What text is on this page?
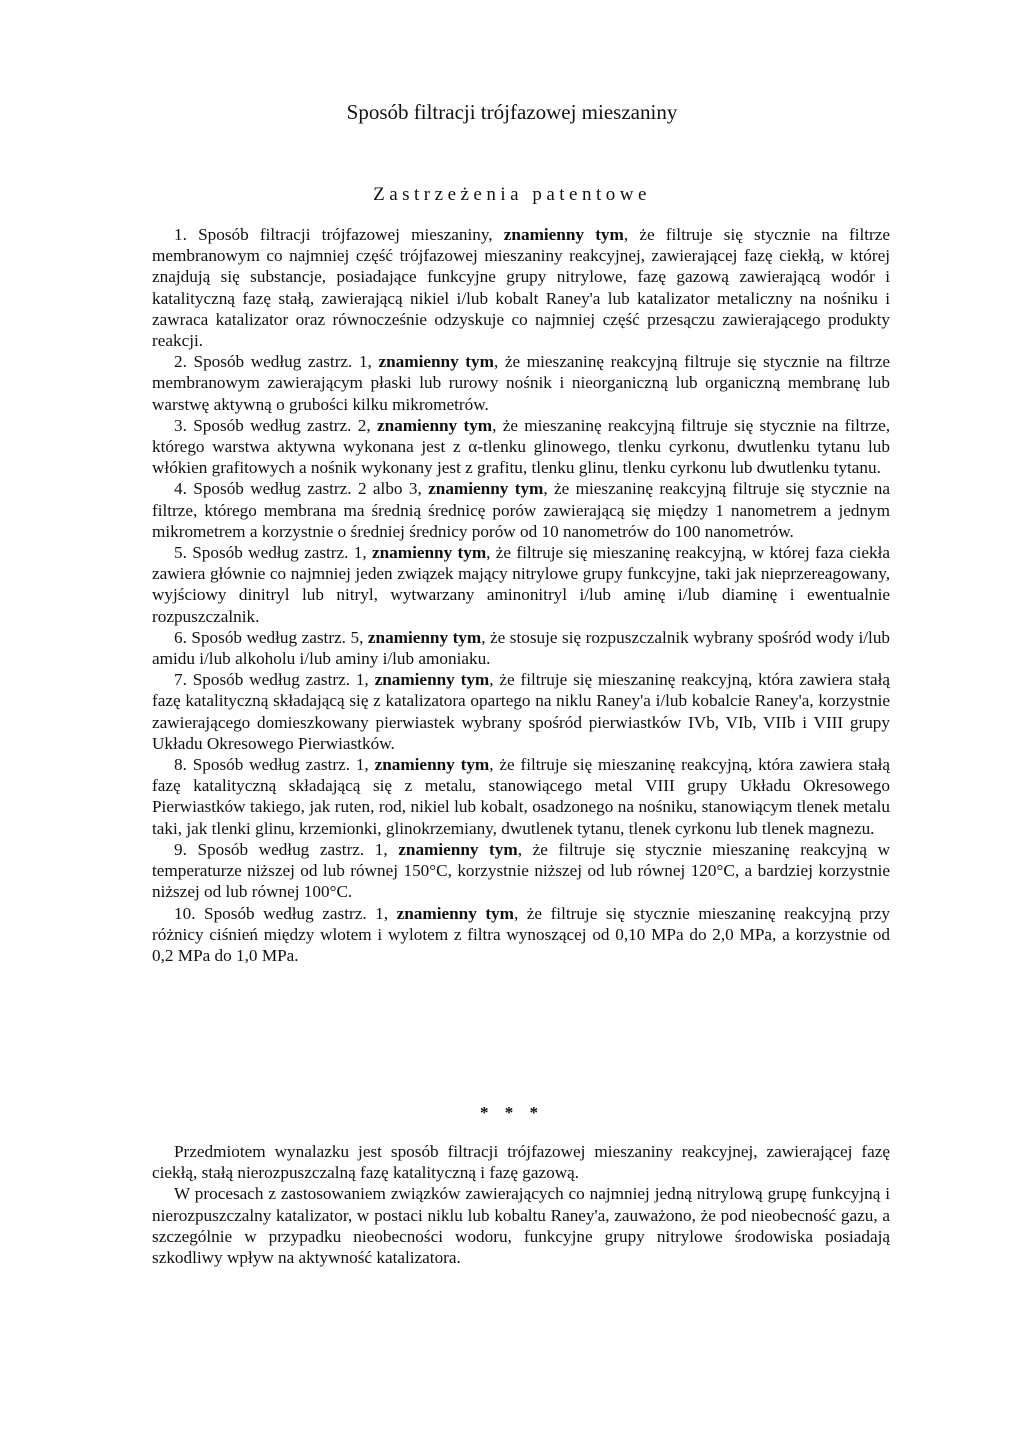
Sposób filtracji trójfazowej mieszaniny
Zastrzeżenia patentowe

1. Sposób filtracji trójfazowej mieszaniny, znamienny tym, że filtruje się stycznie na filtrze membranowym co najmniej część trójfazowej mieszaniny reakcyjnej, zawierającej fazę ciekłą, w której znajdują się substancje, posiadające funkcyjne grupy nitrylowe, fazę gazową zawierającą wodór i katalityczną fazę stałą, zawierającą nikiel i/lub kobalt Raney'a lub katalizator metaliczny na nośniku i zawraca katalizator oraz równocześnie odzyskuje co najmniej część przesączu zawierającego produkty reakcji.

2. Sposób według zastrz. 1, znamienny tym, że mieszaninę reakcyjną filtruje się stycznie na filtrze membranowym zawierającym płaski lub rurowy nośnik i nieorganiczną lub organiczną membranę lub warstwę aktywną o grubości kilku mikrometrów.

3. Sposób według zastrz. 2, znamienny tym, że mieszaninę reakcyjną filtruje się stycznie na filtrze, którego warstwa aktywna wykonana jest z α-tlenku glinowego, tlenku cyrkonu, dwutlenku tytanu lub włókien grafitowych a nośnik wykonany jest z grafitu, tlenku glinu, tlenku cyrkonu lub dwutlenku tytanu.

4. Sposób według zastrz. 2 albo 3, znamienny tym, że mieszaninę reakcyjną filtruje się stycznie na filtrze, którego membrana ma średnią średnicę porów zawierającą się między 1 nanometrem a jednym mikrometrem a korzystnie o średniej średnicy porów od 10 nanometrów do 100 nanometrów.

5. Sposób według zastrz. 1, znamienny tym, że filtruje się mieszaninę reakcyjną, w której faza ciekła zawiera głównie co najmniej jeden związek mający nitrylowe grupy funkcyjne, taki jak nieprzereagowany, wyjściowy dinitryl lub nitryl, wytwarzany aminonitryl i/lub aminę i/lub diaminę i ewentualnie rozpuszczalnik.

6. Sposób według zastrz. 5, znamienny tym, że stosuje się rozpuszczalnik wybrany spośród wody i/lub amidu i/lub alkoholu i/lub aminy i/lub amoniaku.

7. Sposób według zastrz. 1, znamienny tym, że filtruje się mieszaninę reakcyjną, która zawiera stałą fazę katalityczną składającą się z katalizatora opartego na niklu Raney'a i/lub kobalcie Raney'a, korzystnie zawierającego domieszkowany pierwiastek wybrany spośród pierwiastków IVb, VIb, VIIb i VIII grupy Układu Okresowego Pierwiastków.

8. Sposób według zastrz. 1, znamienny tym, że filtruje się mieszaninę reakcyjną, która zawiera stałą fazę katalityczną składającą się z metalu, stanowiącego metal VIII grupy Układu Okresowego Pierwiastków takiego, jak ruten, rod, nikiel lub kobalt, osadzonego na nośniku, stanowiącym tlenek metalu taki, jak tlenki glinu, krzemionki, glinokrzemiany, dwutlenek tytanu, tlenek cyrkonu lub tlenek magnezu.

9. Sposób według zastrz. 1, znamienny tym, że filtruje się stycznie mieszaninę reakcyjną w temperaturze niższej od lub równej 150°C, korzystnie niższej od lub równej 120°C, a bardziej korzystnie niższej od lub równej 100°C.

10. Sposób według zastrz. 1, znamienny tym, że filtruje się stycznie mieszaninę reakcyjną przy różnicy ciśnień między wlotem i wylotem z filtra wynoszącej od 0,10 MPa do 2,0 MPa, a korzystnie od 0,2 MPa do 1,0 MPa.

* * *

Przedmiotem wynalazku jest sposób filtracji trójfazowej mieszaniny reakcyjnej, zawierającej fazę ciekłą, stałą nierozpuszczalną fazę katalityczną i fazę gazową.

W procesach z zastosowaniem związków zawierających co najmniej jedną nitrylową grupę funkcyjną i nierozpuszczalny katalizator, w postaci niklu lub kobaltu Raney'a, zauważono, że pod nieobecność gazu, a szczególnie w przypadku nieobecności wodoru, funkcyjne grupy nitrylowe środowiska posiadają szkodliwy wpływ na aktywność katalizatora.
